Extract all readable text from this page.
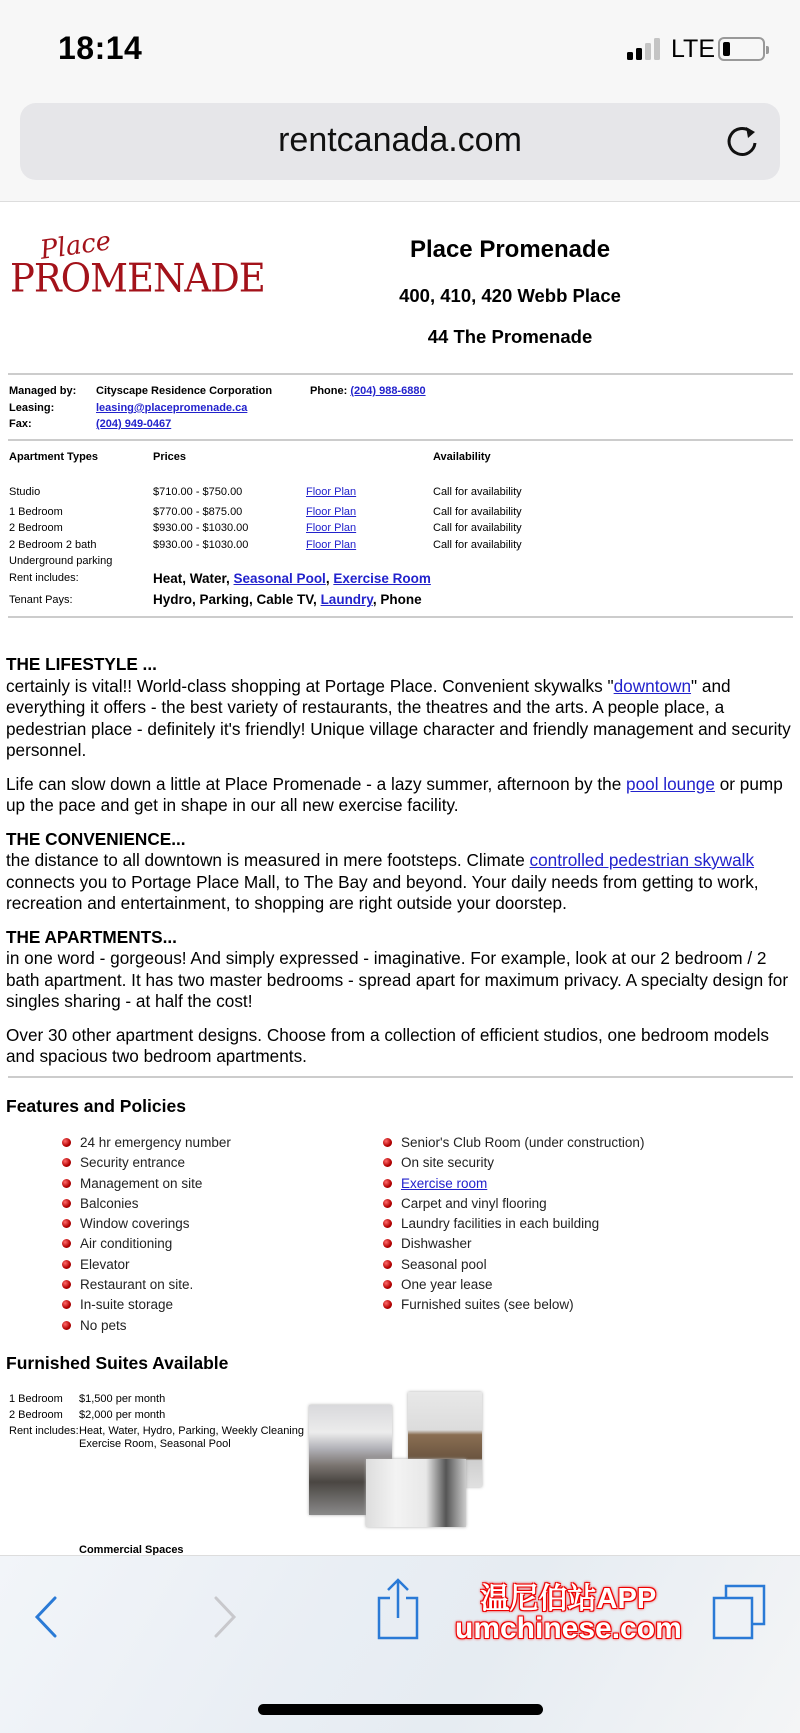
18:14	LTE
rentcanada.com
Place
PROMENADE
Place Promenade
400, 410, 420 Webb Place
44 The Promenade
Managed by: Cityscape Residence Corporation	Phone: (204) 988-6880
Leasing:	leasing@placepromenade.ca
Fax:	(204) 949-0467
Apartment Types	Prices	Availability
Studio	$710.00 - $750.00	Floor Plan	Call for availability
1 Bedroom	$770.00 - $875.00	Floor Plan	Call for availability
2 Bedroom	$930.00 - $1030.00	Floor Plan	Call for availability
2 Bedroom 2 bath	$930.00 - $1030.00	Floor Plan	Call for availability
Underground parking
Rent includes:	Heat, Water, Seasonal Pool, Exercise Room
Tenant Pays:	Hydro, Parking, Cable TV, Laundry, Phone
THE LIFESTYLE ...

certainly is vital!! World-class shopping at Portage Place. Convenient skywalks "downtown" and everything it offers - the best variety of restaurants, the theatres and the arts. A people place, a pedestrian place - definitely it's friendly! Unique village character and friendly management and security personnel.

Life can slow down a little at Place Promenade - a lazy summer, afternoon by the pool lounge or pump up the pace and get in shape in our all new exercise facility.

THE CONVENIENCE...

the distance to all downtown is measured in mere footsteps. Climate controlled pedestrian skywalk connects you to Portage Place Mall, to The Bay and beyond. Your daily needs from getting to work, recreation and entertainment, to shopping are right outside your doorstep.

THE APARTMENTS...

in one word - gorgeous! And simply expressed - imaginative. For example, look at our 2 bedroom / 2 bath apartment. It has two master bedrooms - spread apart for maximum privacy. A specialty design for singles sharing - at half the cost!

Over 30 other apartment designs. Choose from a collection of efficient studios, one bedroom models and spacious two bedroom apartments.

Features and Policies
24 hr emergency number
Security entrance
Management on site
Balconies
Window coverings
Air conditioning
Elevator
Restaurant on site.
In-suite storage
No pets
Senior's Club Room (under construction)
On site security
Exercise room
Carpet and vinyl flooring
Laundry facilities in each building
Dishwasher
Seasonal pool
One year lease
Furnished suites (see below)
Furnished Suites Available
1 Bedroom $1,500 per month
2 Bedroom $2,000 per month
Rent includes: Heat, Water, Hydro, Parking, Weekly Cleaning
Exercise Room, Seasonal Pool
Commercial Spaces
温尼伯站APP
umchinese.com
